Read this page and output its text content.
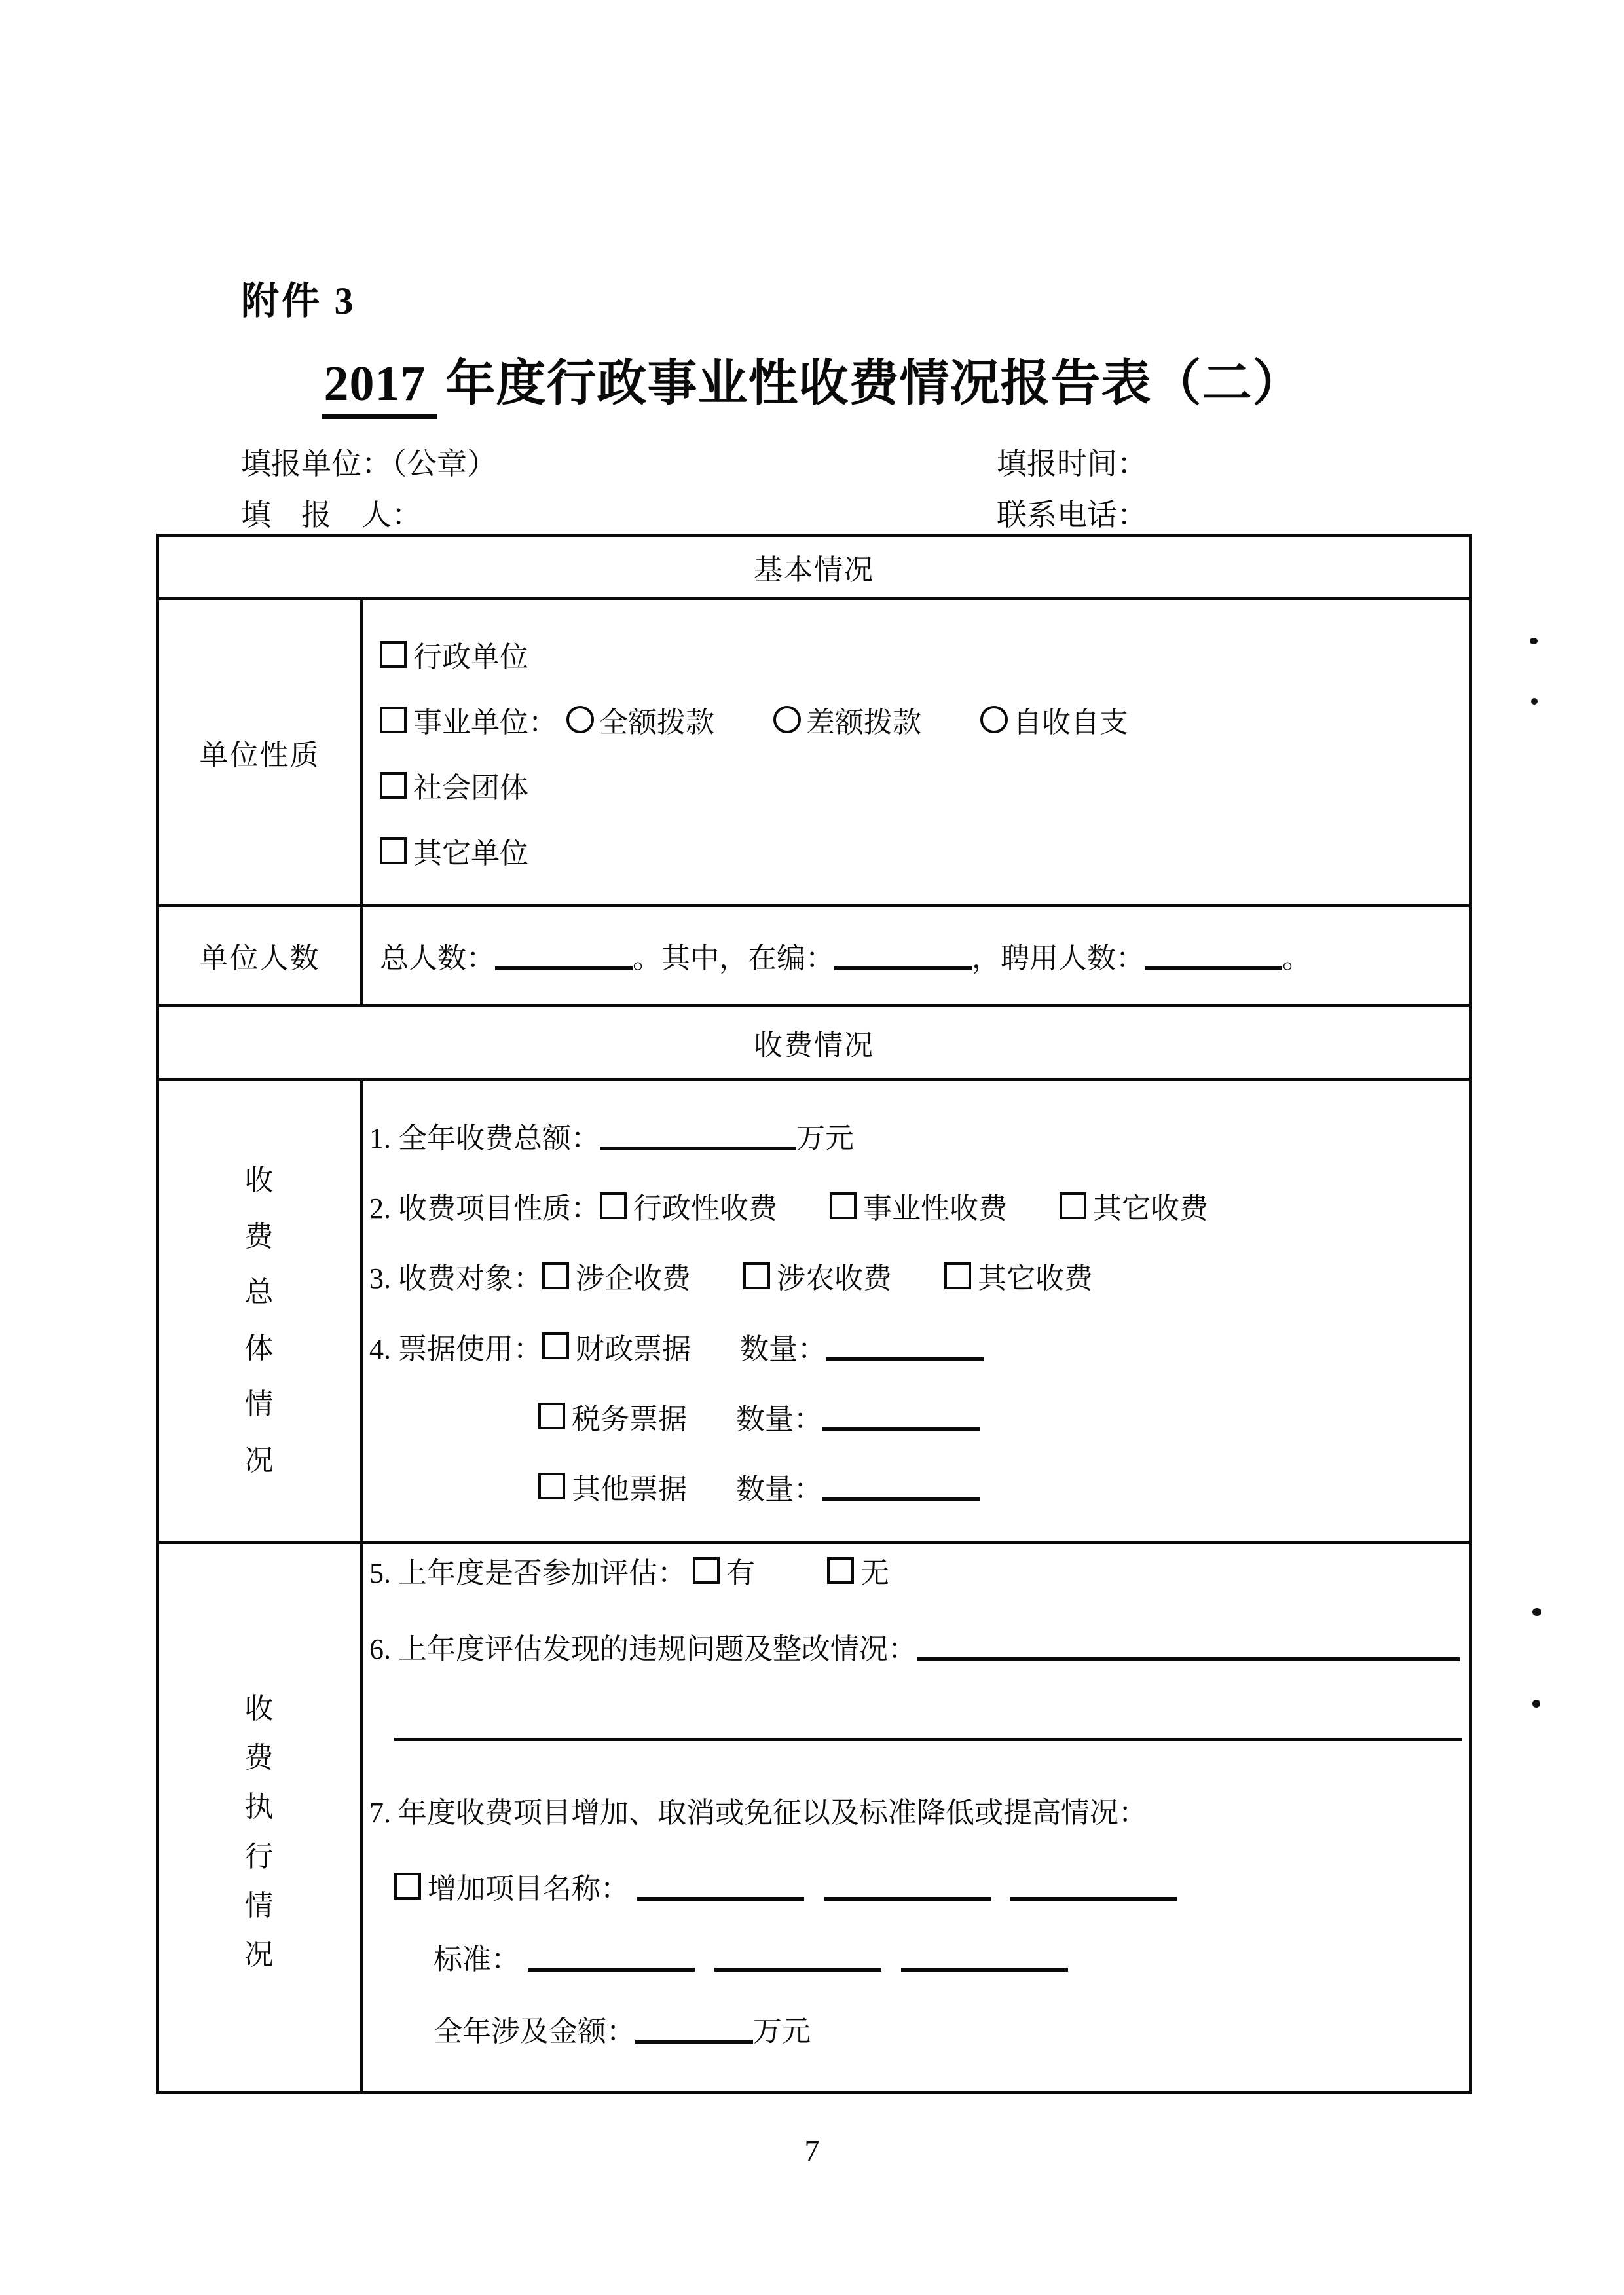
附件 3
2017 年度行政事业性收费情况报告表（二）
填报单位：（公章）	填报时间：
填　报　人：	联系电话：
基本情况
单位性质
行政单位
事业单位： 全额拨款	差额拨款	自收自支
社会团体
其它单位
单位人数 总人数：	。其中，在编：	，聘用人数：	。
收费情况
收
费
总
体
情
况
1. 全年收费总额：	万元
2. 收费项目性质： 行政性收费	事业性收费	其它收费
3. 收费对象： 涉企收费	涉农收费	其它收费
4. 票据使用： 财政票据 数量：
税务票据 数量：
其他票据 数量：
收
费
执
行
情
况
5. 上年度是否参加评估： 有	无
6. 上年度评估发现的违规问题及整改情况：
7. 年度收费项目增加、取消或免征以及标准降低或提高情况：
增加项目名称：
标准：
全年涉及金额：	万元
7
